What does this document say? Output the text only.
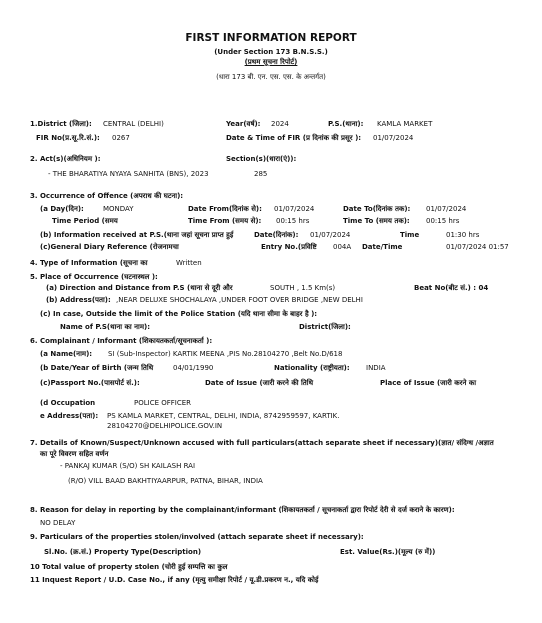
FIRST INFORMATION REPORT
(Under Section 173 B.N.S.S.)
(प्रथम सूचना रिपोर्ट)
(धारा 173 बी. एन. एस. एस. के अन्तर्गत)
1.District (जिला): CENTRAL (DELHI)	Year(वर्ष): 2024	P.S.(थाना): KAMLA MARKET
FIR No(प्र.सू.रि.सं.): 0267	Date & Time of FIR (प्र दिनांक की प्रसूर ): 01/07/2024
2. Act(s)(अधिनियम ):	Section(s)(धारा(एं)):
- THE BHARATIYA NYAYA SANHITA (BNS), 2023	285
3. Occurrence of Offence (अपराध की घटना):
(a Day(दिन):	MONDAY	Date From(दिनांक से): 01/07/2024	Date To(दिनांक तक): 01/07/2024
Time Period (समय	Time From (समय से): 00:15 hrs	Time To (समय तक): 00:15 hrs
(b) Information received at P.S.(थाना जहां सूचना प्राप्त हुई	Date(दिनांक): 01/07/2024	Time	01:30 hrs
(c)General Diary Reference (रोजनामचा	Entry No.(प्रविष्टि 004A Date/Time	01/07/2024 01:57
4. Type of Information (सूचना का	Written
5. Place of Occurrence (घटनास्थल ):
(a) Direction and Distance from P.S (थाना से दूरी और	SOUTH , 1.5 Km(s)	Beat No(बीट सं.) : 04
(b) Address(पता): ,NEAR DELUXE SHOCHALAYA ,UNDER FOOT OVER BRIDGE ,NEW DELHI
(c) In case, Outside the limit of the Police Station (यदि थाना सीमा के बाहर है ):
Name of P.S(थाना का नाम):	District(जिला):
6. Complainant / Informant (शिकायतकर्ता/सूचनाकर्ता ):
(a Name(नाम): SI (Sub-Inspector) KARTIK MEENA ,PIS No.28104270 ,Belt No.D/618
(b Date/Year of Birth (जन्म तिथि	04/01/1990	Nationality (राष्ट्रीयता): INDIA
(c)Passport No.(पासपोर्ट सं.):	Date of Issue (जारी करने की तिथि	Place of Issue (जारी करने का
(d Occupation	POLICE OFFICER
e Address(पता): PS KAMLA MARKET, CENTRAL, DELHI, INDIA, 8742959597, KARTIK.
28104270@DELHIPOLICE.GOV.IN
7. Details of Known/Suspect/Unknown accused with full particulars(attach separate sheet if necessary)(ज्ञात/ संदिग्ध /अज्ञात
का पूरे विवरण सहित वर्णन
- PANKAJ KUMAR (S/O) SH KAILASH RAI
(R/O) VILL BAAD BAKHTIYAARPUR, PATNA, BIHAR, INDIA
8. Reason for delay in reporting by the complainant/informant (शिकायतकर्ता / सूचनाकर्ता द्वारा रिपोर्ट देरी से दर्ज कराने के कारण):
NO DELAY
9. Particulars of the properties stolen/involved (attach separate sheet if necessary):
Sl.No. (क्र.सं.) Property Type(Description)	Est. Value(Rs.)(मूल्य (रु में))
10 Total value of property stolen (चोरी हुई सम्पत्ति का कुल
11 Inquest Report / U.D. Case No., if any (मृत्यु समीक्षा रिपोर्ट / यू.डी.प्रकरण न., यदि कोई
